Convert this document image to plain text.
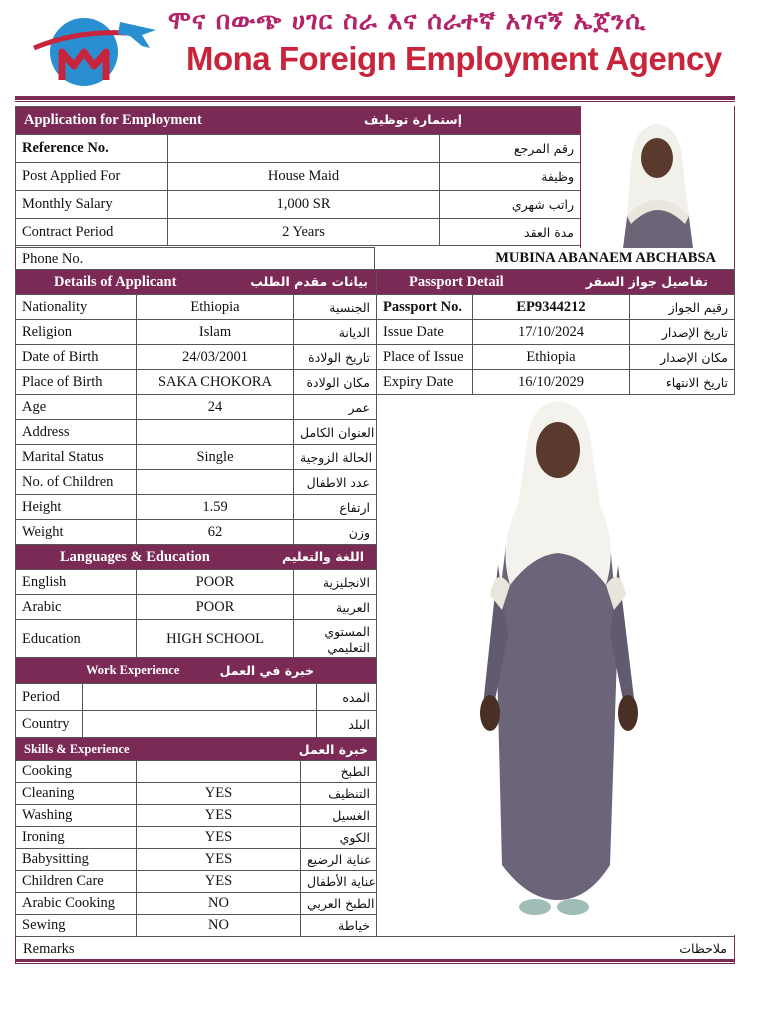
ሞና በውጭ ሀገር ስራ እና ሰራተኛ አገናኝ ኤጀንሲ
Mona Foreign Employment Agency
Application for Employment إستمارة توظيف		

Reference No.		رقم المرجع
Post Applied For	House Maid	وظيفة
Monthly Salary	1,000 SR	راتب شهري
Contract Period	2 Years	مدة العقد
Phone No.	MUBINA ABANAEM ABCHABSA
Details of Applicant بيانات مقدم الطلب		

Nationality	Ethiopia	الجنسية
Religion	Islam	الديانة
Date of Birth	24/03/2001	تاريخ الولادة
Place of Birth	SAKA CHOKORA	مكان الولادة
Age	24	عمر
Address		العنوان الكامل
Marital Status	Single	الحالة الزوجية
No. of Children		عدد الاطفال
Height	1.59	ارتفاع
Weight	62	وزن

Languages & Education اللغة والتعليم		

English	POOR	الانجليزية
Arabic	POOR	العربية
Education	HIGH SCHOOL	المستوي
التعليمي
Work Experience خبرة في العمل		

Period		المده
Country		البلد
Skills & Experience خبرة العمل		

Cooking		الطبخ
Cleaning	YES	التنظيف
Washing	YES	الغسيل
Ironing	YES	الكوي
Babysitting	YES	عناية الرضيع
Children Care	YES	عناية الأطفال
Arabic Cooking	NO	الطبخ العربي
Sewing	NO	خياطة
Passport Detail تفاصيل جواز السفر		

Passport No.	EP9344212	رقيم الجواز
Issue Date	17/10/2024	تاريخ الإصدار
Place of Issue	Ethiopia	مكان الإصدار
Expiry Date	16/10/2029	تاريخ الانتهاء
Remarks	ملاحظات
